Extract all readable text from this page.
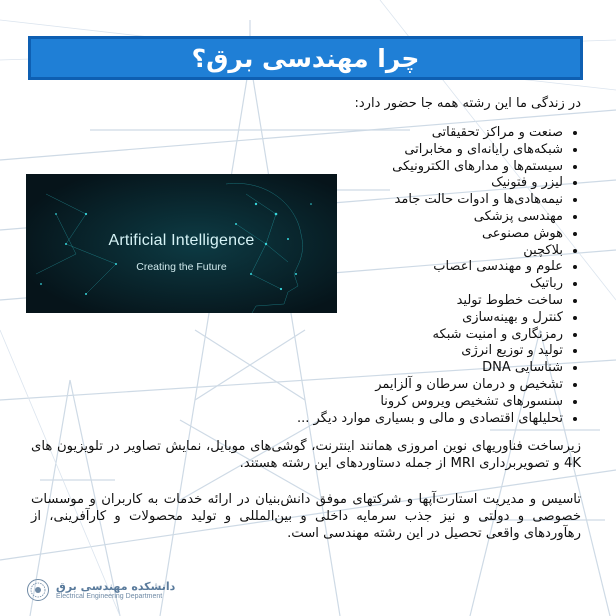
چرا مهندسی برق؟
در زندگی ما این رشته همه جا حضور دارد:
• صنعت و مراکز تحقیقاتی
• شبکه‌های رایانه‌ای و مخابراتی
• سیستم‌ها و مدارهای الکترونیکی
• لیزر و فتونیک
• نیمه‌هادی‌ها و ادوات حالت جامد
• مهندسی پزشکی
• هوش مصنوعی
• بلاکچین
• علوم و مهندسی اعصاب
• رباتیک
• ساخت خطوط تولید
• کنترل و بهینه‌سازی
• رمزنگاری و امنیت شبکه
• تولید و توزیع انرژی
• شناسایی DNA
• تشخیص و درمان سرطان و آلزایمر
• سنسورهای تشخیص ویروس کرونا
• تحلیلهای اقتصادی و مالی و بسیاری موارد دیگر ...
Artificial Intelligence
Creating the Future

زیرساخت فناوریهای نوین امروزی همانند اینترنت، گوشی‌های موبایل، نمایش تصاویر در تلویزیون های 4K و تصویربرداری MRI از جمله دستاوردهای این رشته هستند.

تاسیس و مدیریت استارت‌آپها و شرکتهای موفق دانش‌بنیان در ارائه خدمات به کاربران و موسسات خصوصی و دولتی و نیز جذب سرمایه داخلی و بین‌المللی و تولید محصولات و کارآفرینی، از رهآوردهای واقعی تحصیل در این رشته مهندسی است.

دانشکده مهندسی برق
Electrical Engineering Department
